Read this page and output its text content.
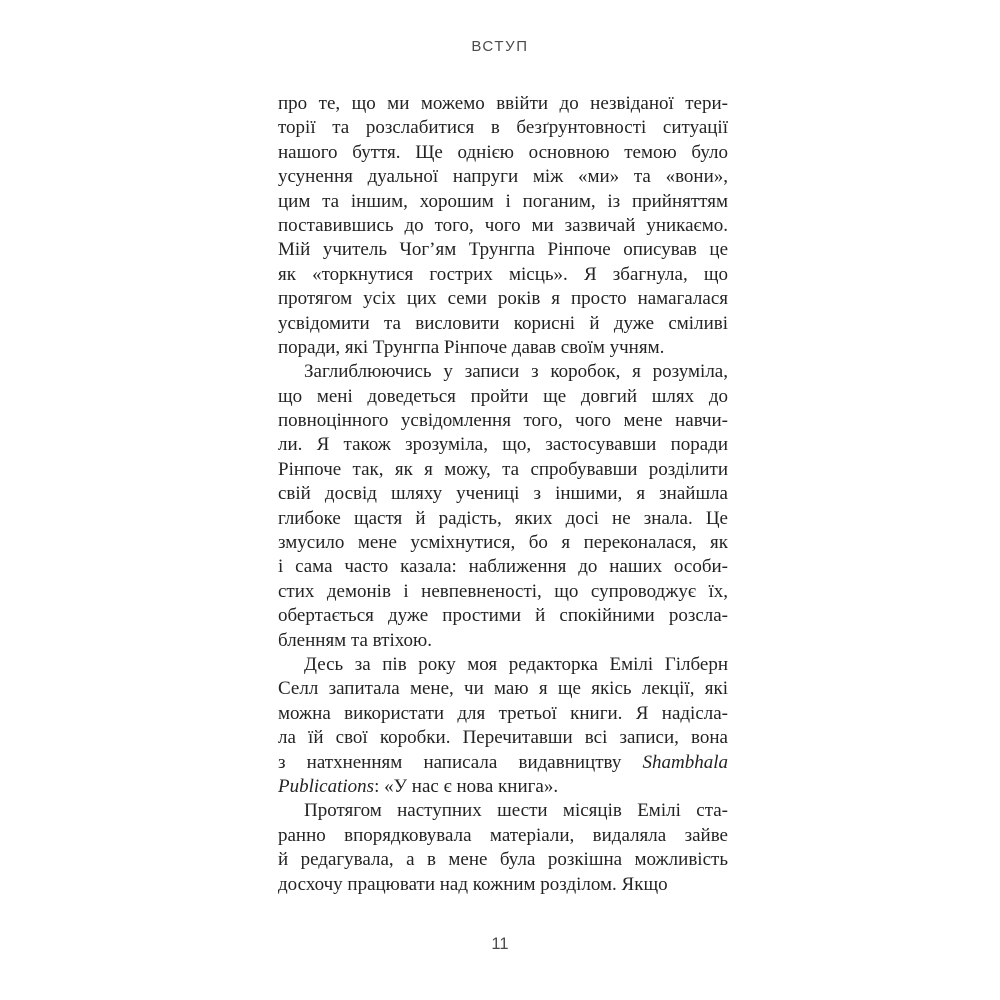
ВСТУП
про те, що ми можемо ввійти до незвіданої тери-
торії та розслабитися в безґрунтовності ситуації
нашого буття. Ще однією основною темою було
усунення дуальної напруги між «ми» та «вони»,
цим та іншим, хорошим і поганим, із прийняттям
поставившись до того, чого ми зазвичай уникаємо.
Мій учитель Чог’ям Трунгпа Рінпоче описував це
як «торкнутися гострих місць». Я збагнула, що
протягом усіх цих семи років я просто намагалася
усвідомити та висловити корисні й дуже сміливі
поради, які Трунгпа Рінпоче давав своїм учням.
Заглиблюючись у записи з коробок, я розуміла,
що мені доведеться пройти ще довгий шлях до
повноцінного усвідомлення того, чого мене навчи-
ли. Я також зрозуміла, що, застосувавши поради
Рінпоче так, як я можу, та спробувавши розділити
свій досвід шляху учениці з іншими, я знайшла
глибоке щастя й радість, яких досі не знала. Це
змусило мене усміхнутися, бо я переконалася, як
і сама часто казала: наближення до наших особи-
стих демонів і невпевненості, що супроводжує їх,
обертається дуже простими й спокійними розсла-
бленням та втіхою.
Десь за пів року моя редакторка Емілі Гілберн
Селл запитала мене, чи маю я ще якісь лекції, які
можна використати для третьої книги. Я надісла-
ла їй свої коробки. Перечитавши всі записи, вона
з натхненням написала видавництву Shambhala
Publications: «У нас є нова книга».
Протягом наступних шести місяців Емілі ста-
ранно впорядковувала матеріали, видаляла зайве
й редагувала, а в мене була розкішна можливість
досхочу працювати над кожним розділом. Якщо
11
